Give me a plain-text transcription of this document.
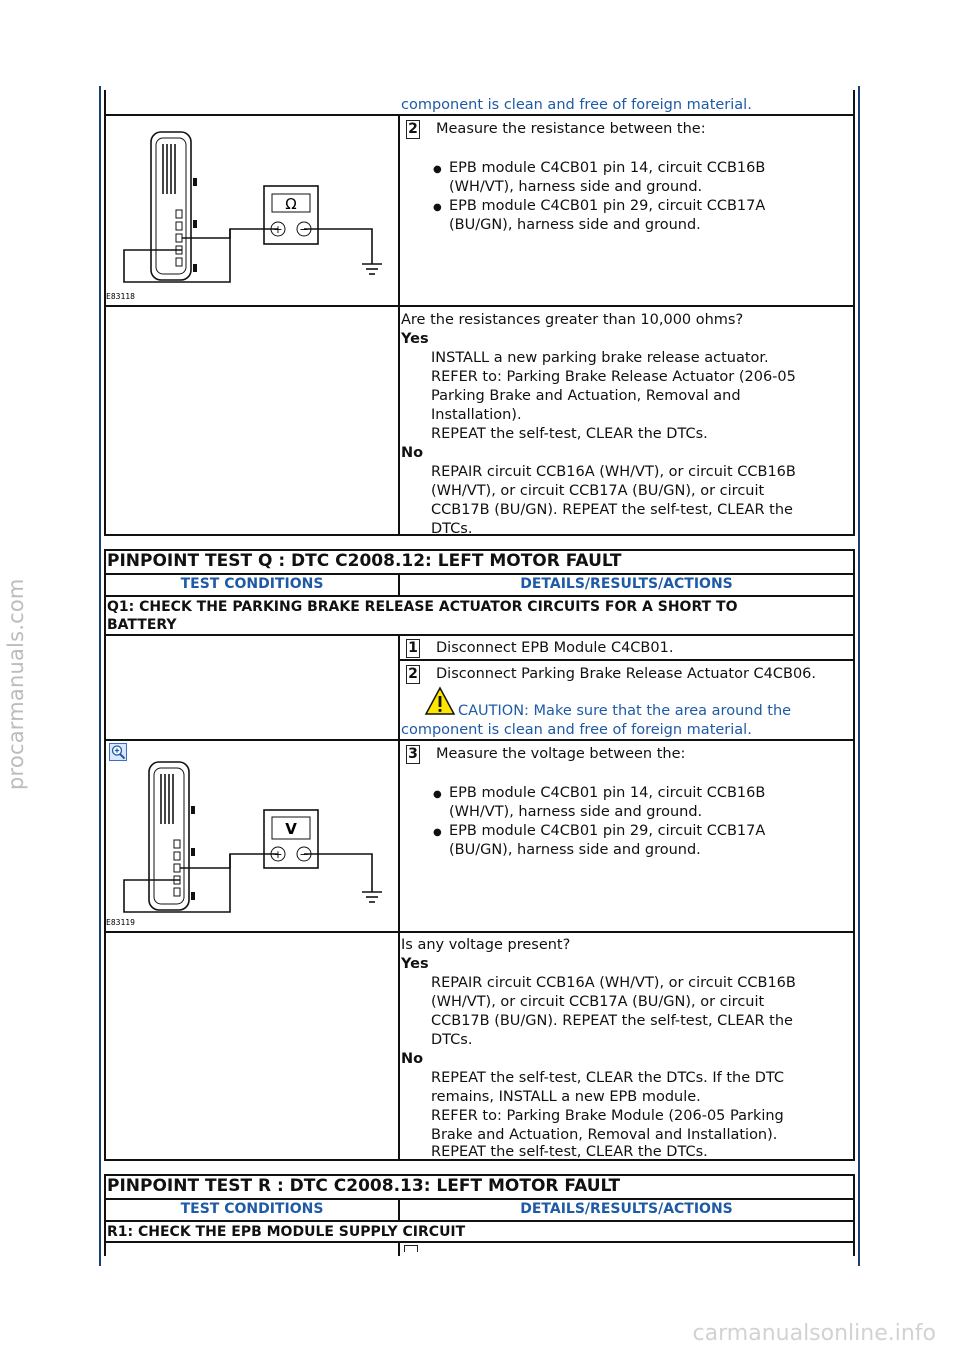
procarmanuals.com
carmanualsonline.info
component is clean and free of foreign material.
Ω
+ −
E83118
2 Measure the resistance between the:
● EPB module C4CB01 pin 14, circuit CCB16B
(WH/VT), harness side and ground.
● EPB module C4CB01 pin 29, circuit CCB17A
(BU/GN), harness side and ground.
Are the resistances greater than 10,000 ohms?
Yes
INSTALL a new parking brake release actuator.
REFER to: Parking Brake Release Actuator (206-05
Parking Brake and Actuation, Removal and
Installation).
REPEAT the self-test, CLEAR the DTCs.
No
REPAIR circuit CCB16A (WH/VT), or circuit CCB16B
(WH/VT), or circuit CCB17A (BU/GN), or circuit
CCB17B (BU/GN). REPEAT the self-test, CLEAR the
DTCs.
PINPOINT TEST Q : DTC C2008.12: LEFT MOTOR FAULT
TEST CONDITIONS	DETAILS/RESULTS/ACTIONS
Q1: CHECK THE PARKING BRAKE RELEASE ACTUATOR CIRCUITS FOR A SHORT TO
BATTERY
1 Disconnect EPB Module C4CB01.
2 Disconnect Parking Brake Release Actuator C4CB06.
CAUTION: Make sure that the area around the
component is clean and free of foreign material.
V
+ −
E83119
3 Measure the voltage between the:
● EPB module C4CB01 pin 14, circuit CCB16B
(WH/VT), harness side and ground.
● EPB module C4CB01 pin 29, circuit CCB17A
(BU/GN), harness side and ground.
Is any voltage present?
Yes
REPAIR circuit CCB16A (WH/VT), or circuit CCB16B
(WH/VT), or circuit CCB17A (BU/GN), or circuit
CCB17B (BU/GN). REPEAT the self-test, CLEAR the
DTCs.
No
REPEAT the self-test, CLEAR the DTCs. If the DTC
remains, INSTALL a new EPB module.
REFER to: Parking Brake Module (206-05 Parking
Brake and Actuation, Removal and Installation).
REPEAT the self-test, CLEAR the DTCs.
PINPOINT TEST R : DTC C2008.13: LEFT MOTOR FAULT
TEST CONDITIONS	DETAILS/RESULTS/ACTIONS
R1: CHECK THE EPB MODULE SUPPLY CIRCUIT
